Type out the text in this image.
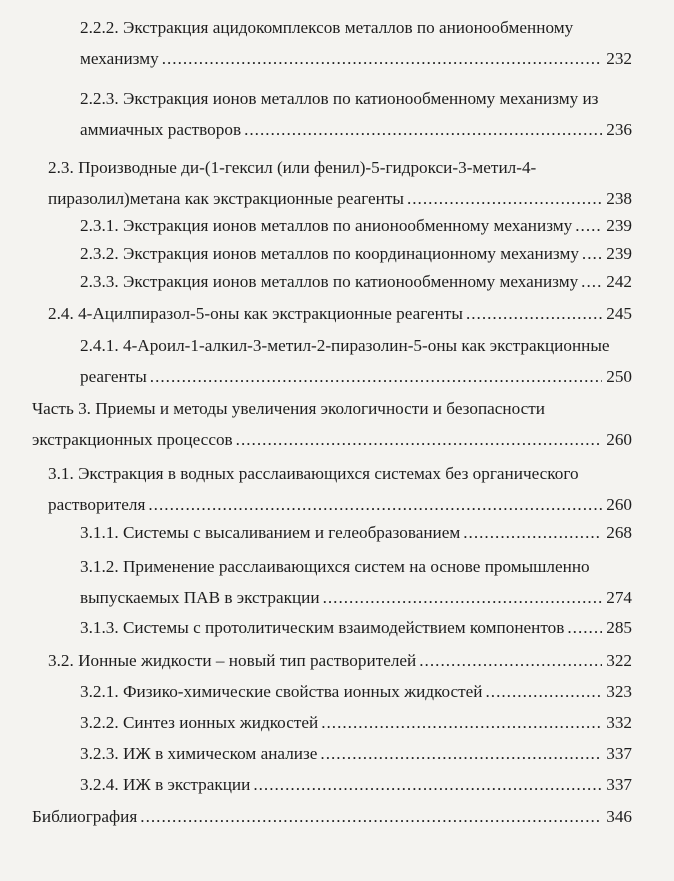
2.2.2. Экстракция ацидокомплексов металлов по анионообменному
механизму .....	232
2.2.3. Экстракция ионов металлов по катионообменному механизму из
аммиачных растворов .....	236
2.3. Производные ди-(1-гексил (или фенил)-5-гидрокси-3-метил-4-
пиразолил)метана как экстракционные реагенты .....	238
2.3.1. Экстракция ионов металлов по анионообменному механизму ..... 239
2.3.2. Экстракция ионов металлов по координационному механизму ..... 239
2.3.3. Экстракция ионов металлов по катионообменному механизму ..... 242
2.4. 4-Ацилпиразол-5-оны как экстракционные реагенты .....	245
2.4.1. 4-Ароил-1-алкил-3-метил-2-пиразолин-5-оны как экстракционные
реагенты .....	250
Часть 3. Приемы и методы увеличения экологичности и безопасности
экстракционных процессов .....	260
3.1. Экстракция в водных расслаивающихся системах без органического
растворителя .....	260
3.1.1. Системы с высаливанием и гелеобразованием .....	268
3.1.2. Применение расслаивающихся систем на основе промышленно
выпускаемых ПАВ в экстракции .....	274
3.1.3. Системы с протолитическим взаимодействием компонентов ..... 285
3.2. Ионные жидкости – новый тип растворителей .....	322
3.2.1. Физико-химические свойства ионных жидкостей .....	323
3.2.2. Синтез ионных жидкостей .....	332
3.2.3. ИЖ в химическом анализе .....	337
3.2.4. ИЖ в экстракции .....	337
Библиография .....	346
